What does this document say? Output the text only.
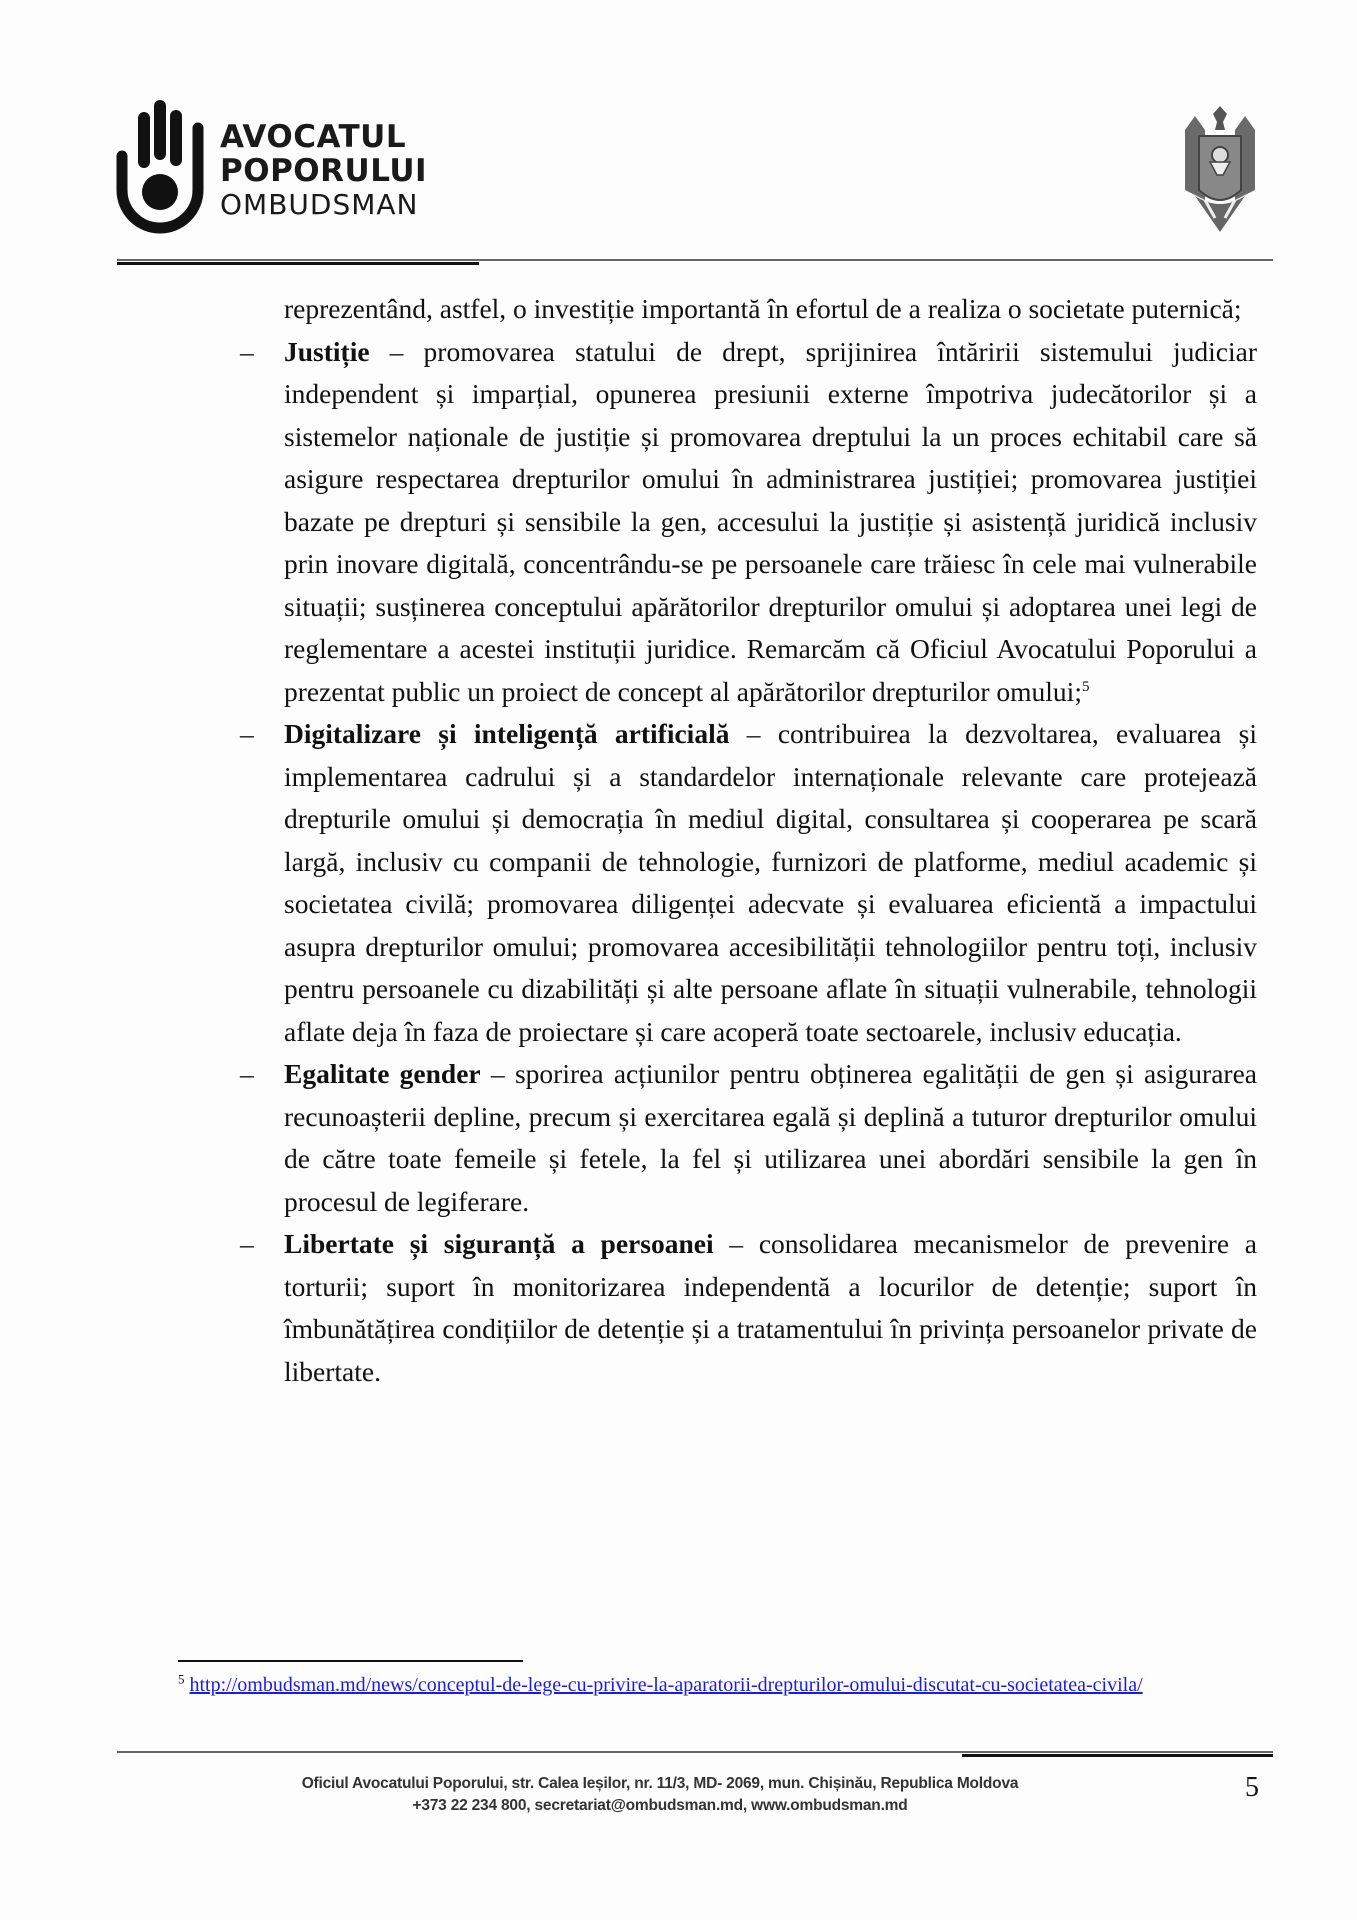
AVOCATUL
POPORULUI
OMBUDSMAN

reprezentând, astfel, o investiție importantă în efortul de a realiza o societate puternică;

– Justiție – promovarea statului de drept, sprijinirea întăririi sistemului judiciar independent și imparțial, opunerea presiunii externe împotriva judecătorilor și a sistemelor naționale de justiție și promovarea dreptului la un proces echitabil care să asigure respectarea drepturilor omului în administrarea justiției; promovarea justiției bazate pe drepturi și sensibile la gen, accesului la justiție și asistență juridică inclusiv prin inovare digitală, concentrându-se pe persoanele care trăiesc în cele mai vulnerabile situații; susținerea conceptului apărătorilor drepturilor omului și adoptarea unei legi de reglementare a acestei instituții juridice. Remarcăm că Oficiul Avocatului Poporului a prezentat public un proiect de concept al apărătorilor drepturilor omului;$^5$

– Digitalizare și inteligență artificială – contribuirea la dezvoltarea, evaluarea și implementarea cadrului și a standardelor internaționale relevante care protejează drepturile omului și democrația în mediul digital, consultarea și cooperarea pe scară largă, inclusiv cu companii de tehnologie, furnizori de platforme, mediul academic și societatea civilă; promovarea diligenței adecvate și evaluarea eficientă a impactului asupra drepturilor omului; promovarea accesibilității tehnologiilor pentru toți, inclusiv pentru persoanele cu dizabilități și alte persoane aflate în situații vulnerabile, tehnologii aflate deja în faza de proiectare și care acoperă toate sectoarele, inclusiv educația.

– Egalitate gender – sporirea acțiunilor pentru obținerea egalității de gen și asigurarea recunoașterii depline, precum și exercitarea egală și deplină a tuturor drepturilor omului de către toate femeile și fetele, la fel și utilizarea unei abordări sensibile la gen în procesul de legiferare.

– Libertate și siguranță a persoanei – consolidarea mecanismelor de prevenire a torturii; suport în monitorizarea independentă a locurilor de detenție; suport în îmbunătățirea condițiilor de detenție și a tratamentului în privința persoanelor private de libertate.

$^5$ http://ombudsman.md/news/conceptul-de-lege-cu-privire-la-aparatorii-drepturilor-omului-discutat-cu-societatea-civila/
Oficiul Avocatului Poporului, str. Calea Ieșilor, nr. 11/3, MD- 2069, mun. Chișinău, Republica Moldova
+373 22 234 800, secretariat@ombudsman.md, www.ombudsman.md
5
